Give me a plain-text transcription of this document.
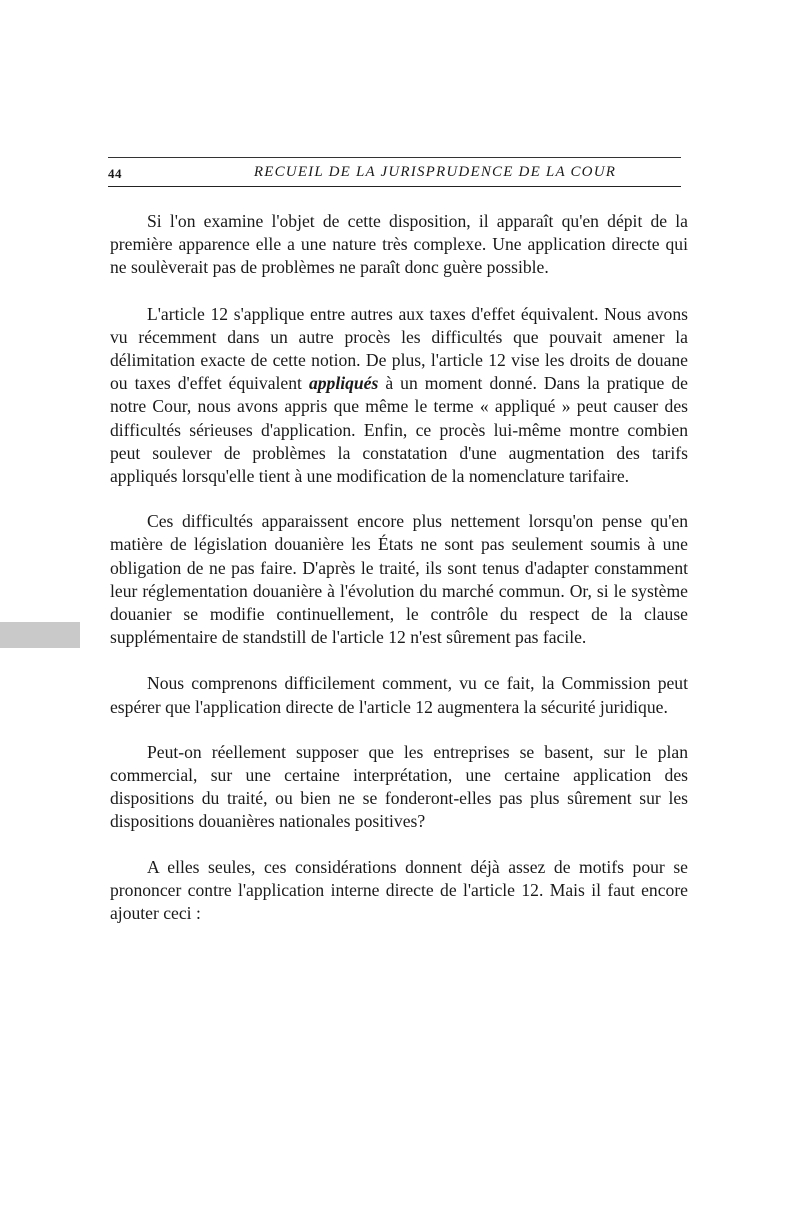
44	RECUEIL DE LA JURISPRUDENCE DE LA COUR

Si l'on examine l'objet de cette disposition, il apparaît qu'en dépit de la première apparence elle a une nature très complexe. Une application directe qui ne soulèverait pas de problèmes ne paraît donc guère possible.

L'article 12 s'applique entre autres aux taxes d'effet équivalent. Nous avons vu récemment dans un autre procès les difficultés que pouvait amener la délimitation exacte de cette notion. De plus, l'article 12 vise les droits de douane ou taxes d'effet équivalent appliqués à un moment donné. Dans la pratique de notre Cour, nous avons appris que même le terme « appliqué » peut causer des difficultés sérieuses d'application. Enfin, ce procès lui-même montre combien peut soulever de problèmes la constatation d'une augmentation des tarifs appliqués lorsqu'elle tient à une modification de la nomenclature tarifaire.

Ces difficultés apparaissent encore plus nettement lorsqu'on pense qu'en matière de législation douanière les États ne sont pas seulement soumis à une obligation de ne pas faire. D'après le traité, ils sont tenus d'adapter constamment leur réglementation douanière à l'évolution du marché commun. Or, si le système douanier se modifie continuellement, le contrôle du respect de la clause supplémentaire de standstill de l'article 12 n'est sûrement pas facile.

Nous comprenons difficilement comment, vu ce fait, la Commission peut espérer que l'application directe de l'article 12 augmentera la sécurité juridique.

Peut-on réellement supposer que les entreprises se basent, sur le plan commercial, sur une certaine interprétation, une certaine application des dispositions du traité, ou bien ne se fonderont-elles pas plus sûrement sur les dispositions douanières nationales positives?

A elles seules, ces considérations donnent déjà assez de motifs pour se prononcer contre l'application interne directe de l'article 12. Mais il faut encore ajouter ceci :
